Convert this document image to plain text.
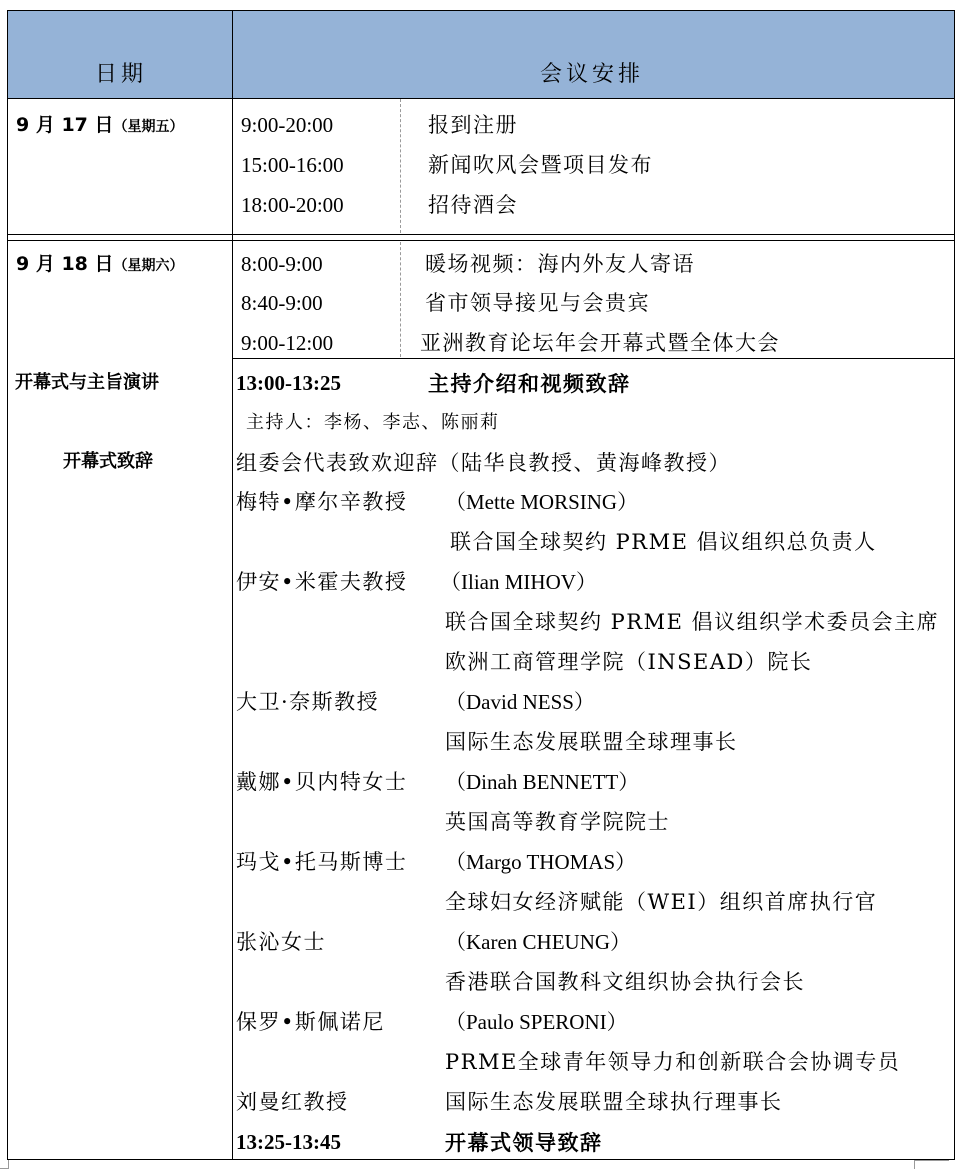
日期	会议安排
9 月 17 日（星期五）	9:00-20:00	报到注册
15:00-16:00	新闻吹风会暨项目发布
18:00-20:00	招待酒会
9 月 18 日（星期六）	8:00-9:00	暖场视频：海内外友人寄语
8:40-9:00	省市领导接见与会贵宾
9:00-12:00	亚洲教育论坛年会开幕式暨全体大会
开幕式与主旨演讲
开幕式致辞
13:00-13:25	主持介绍和视频致辞
主持人：李杨、李志、陈丽莉
组委会代表致欢迎辞（陆华良教授、黄海峰教授）
梅特•摩尔辛教授 （Mette MORSING）
联合国全球契约 PRME 倡议组织总负责人
伊安•米霍夫教授 （Ilian MIHOV）
联合国全球契约 PRME 倡议组织学术委员会主席
欧洲工商管理学院（INSEAD）院长
大卫·奈斯教授	（David NESS）
国际生态发展联盟全球理事长
戴娜•贝内特女士 （Dinah BENNETT）
英国高等教育学院院士
玛戈•托马斯博士 （Margo THOMAS）
全球妇女经济赋能（WEI）组织首席执行官
张沁女士	（Karen CHEUNG）
香港联合国教科文组织协会执行会长
保罗•斯佩诺尼	（Paulo SPERONI）
PRME全球青年领导力和创新联合会协调专员
刘曼红教授	国际生态发展联盟全球执行理事长
13:25-13:45	开幕式领导致辞
